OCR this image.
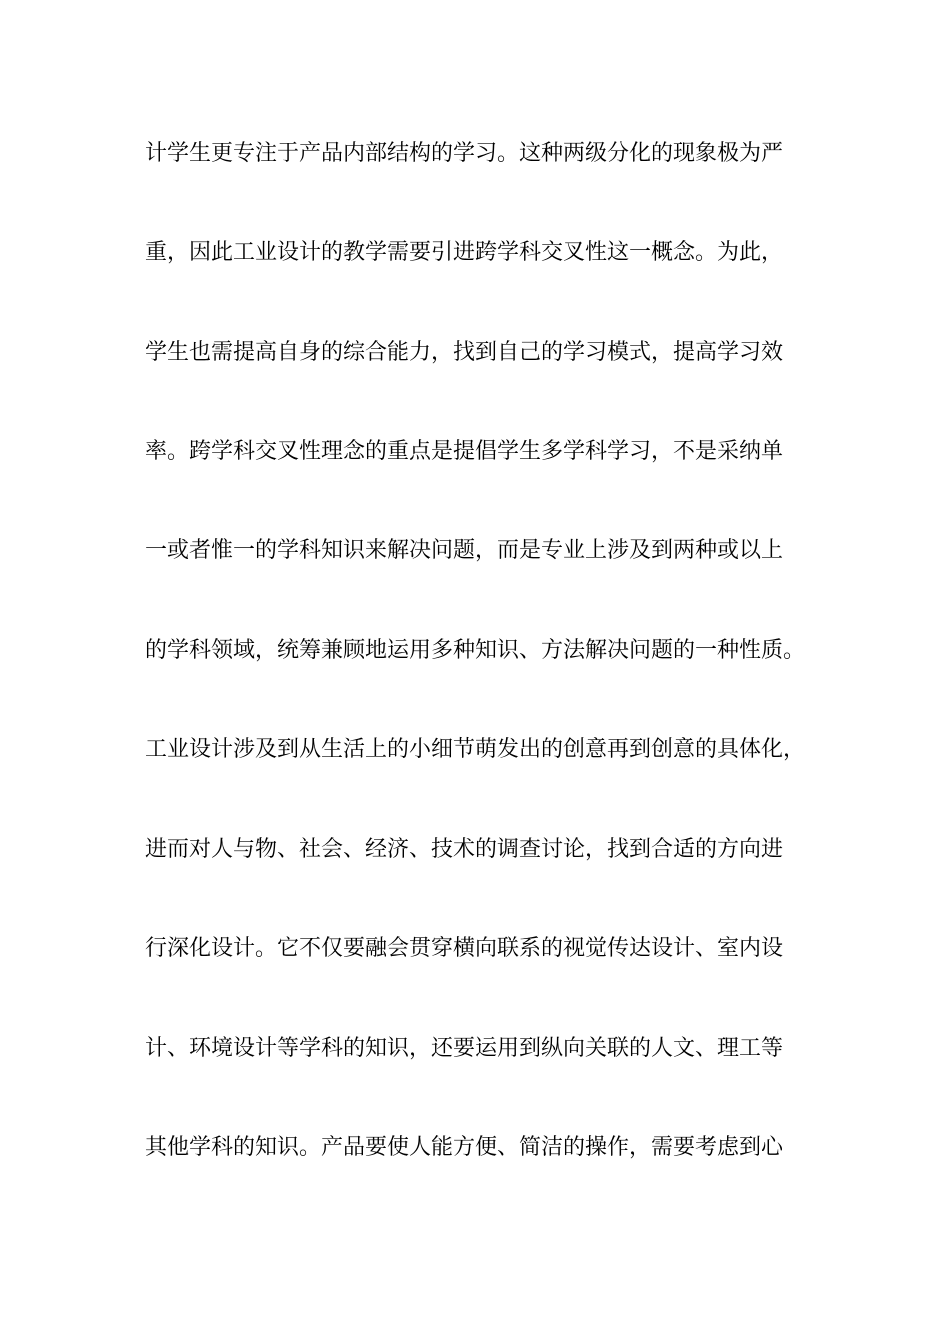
计学生更专注于产品内部结构的学习。这种两级分化的现象极为严
重，因此工业设计的教学需要引进跨学科交叉性这一概念。为此，
学生也需提高自身的综合能力，找到自己的学习模式，提高学习效
率。跨学科交叉性理念的重点是提倡学生多学科学习，不是采纳单
一或者惟一的学科知识来解决问题，而是专业上涉及到两种或以上
的学科领域，统筹兼顾地运用多种知识、方法解决问题的一种性质。
工业设计涉及到从生活上的小细节萌发出的创意再到创意的具体化，
进而对人与物、社会、经济、技术的调查讨论，找到合适的方向进
行深化设计。它不仅要融会贯穿横向联系的视觉传达设计、室内设
计、环境设计等学科的知识，还要运用到纵向关联的人文、理工等
其他学科的知识。产品要使人能方便、简洁的操作，需要考虑到心
